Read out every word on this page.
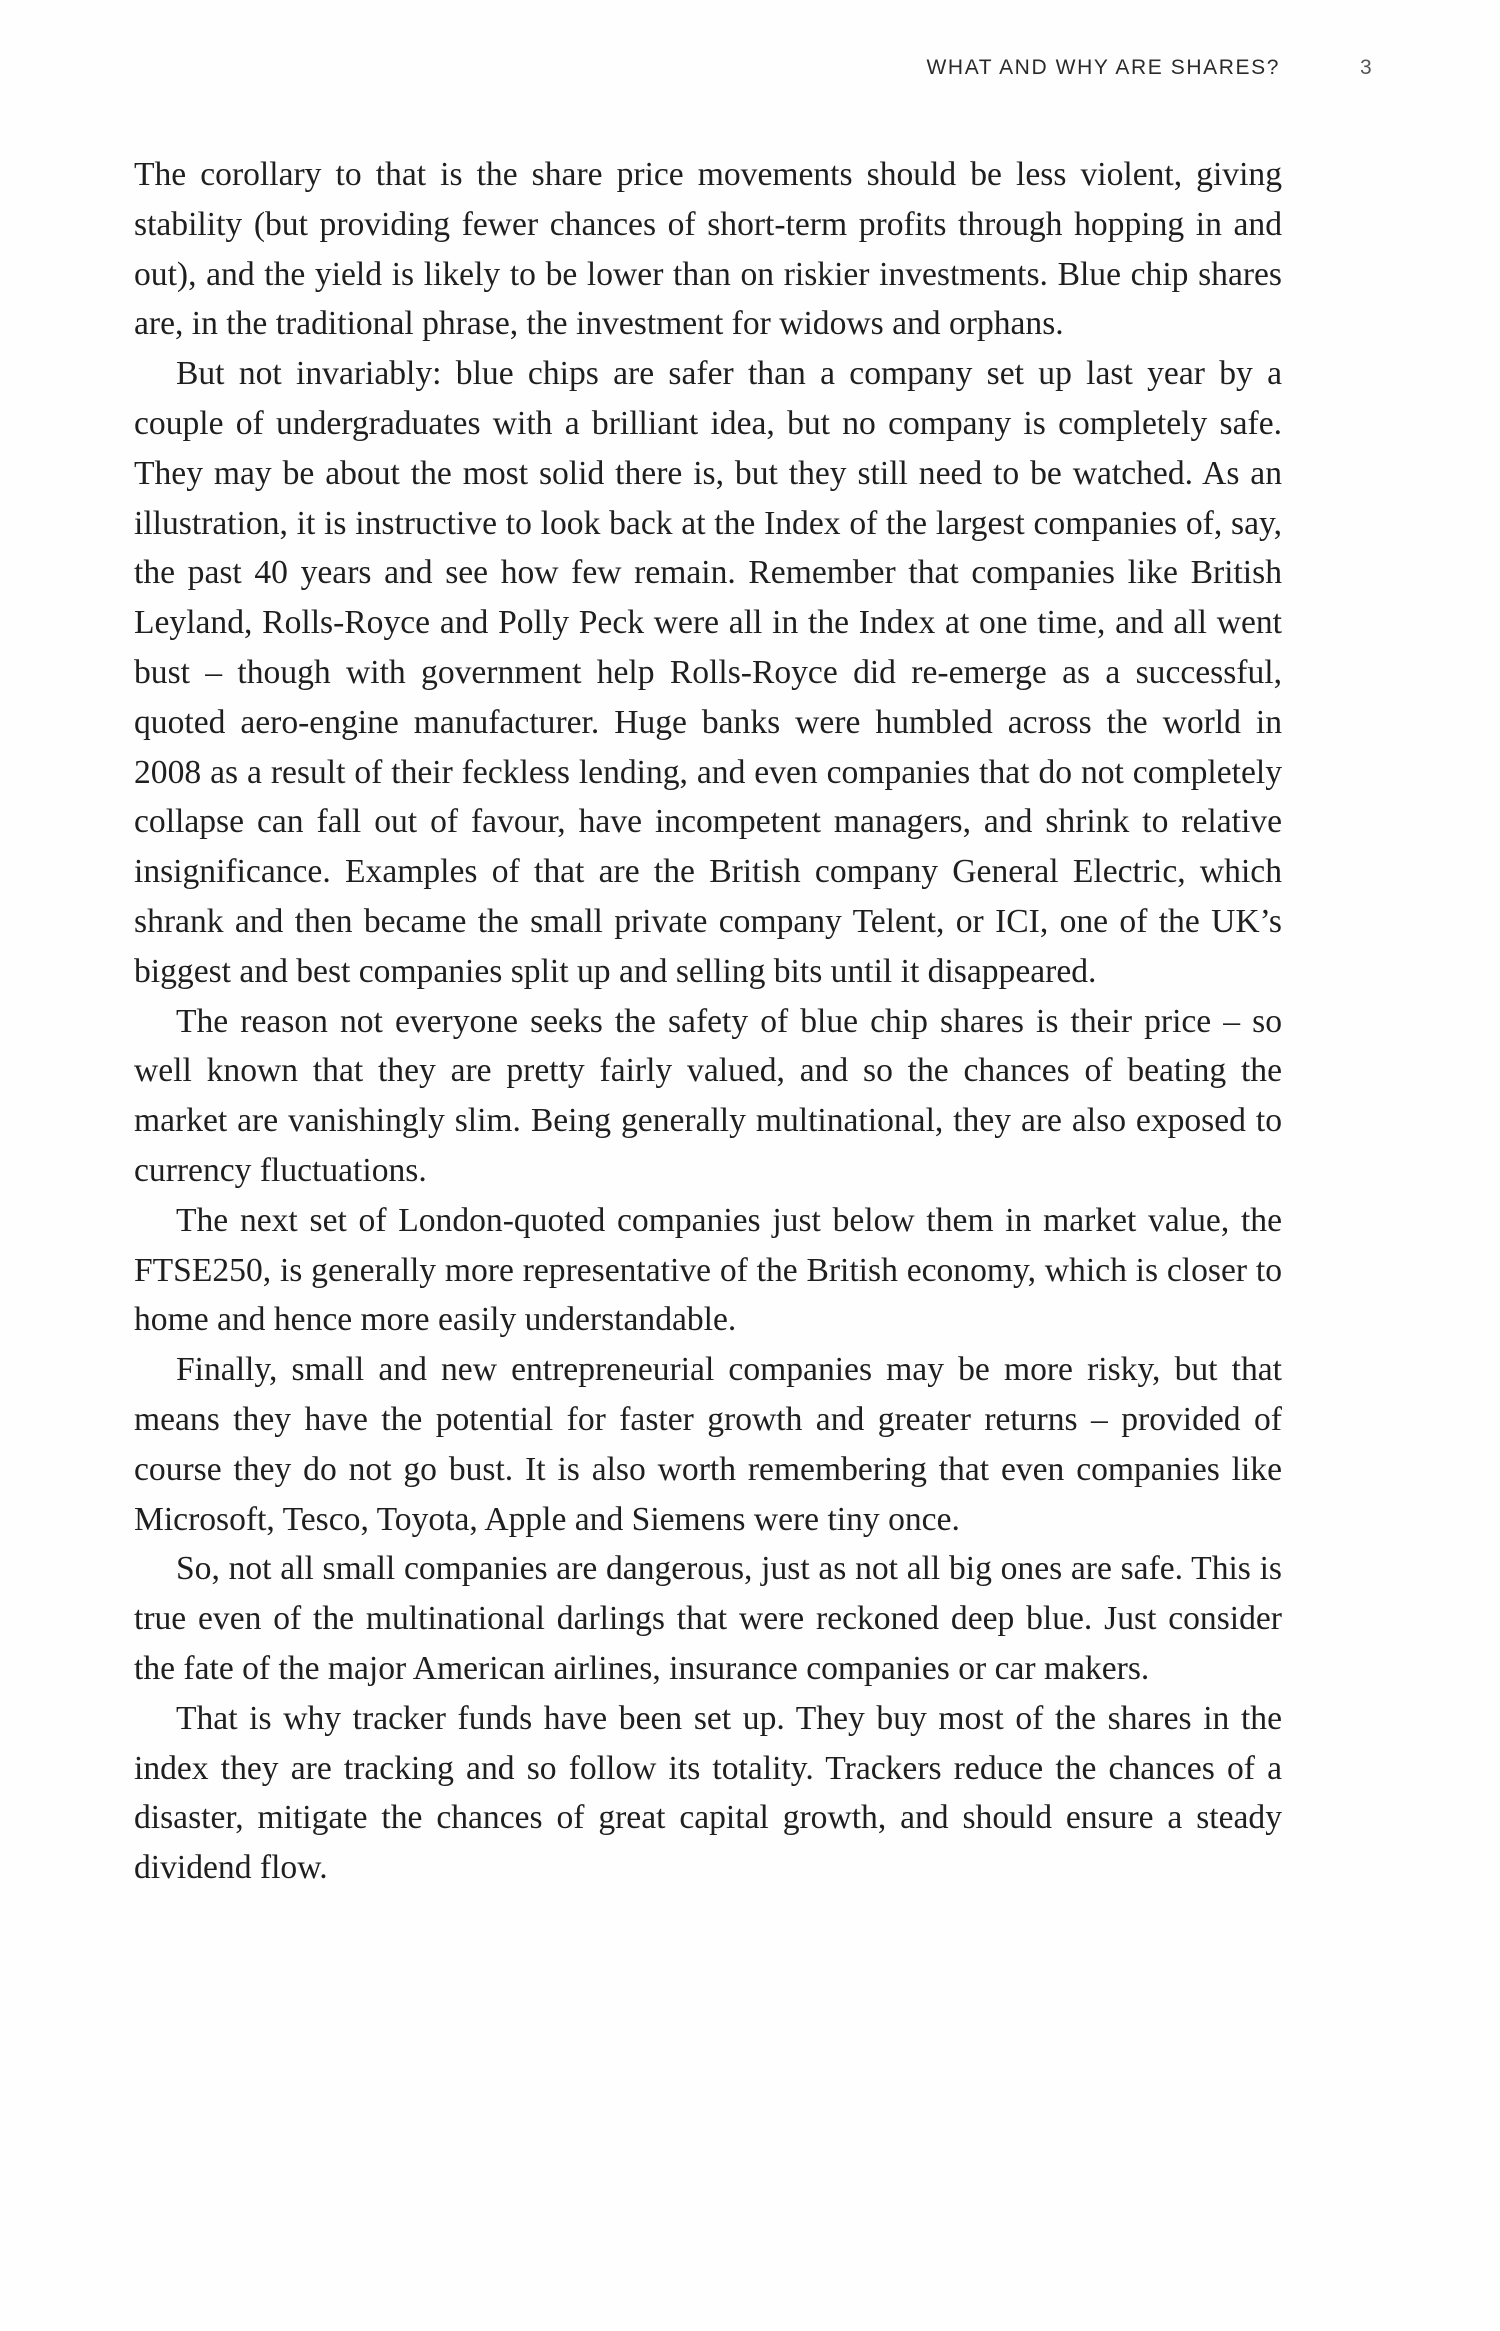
WHAT AND WHY ARE SHARES?	3

The corollary to that is the share price movements should be less violent, giving stability (but providing fewer chances of short-term profits through hopping in and out), and the yield is likely to be lower than on riskier investments. Blue chip shares are, in the traditional phrase, the investment for widows and orphans.

But not invariably: blue chips are safer than a company set up last year by a couple of undergraduates with a brilliant idea, but no company is completely safe. They may be about the most solid there is, but they still need to be watched. As an illustration, it is instructive to look back at the Index of the largest companies of, say, the past 40 years and see how few remain. Remember that companies like British Leyland, Rolls-Royce and Polly Peck were all in the Index at one time, and all went bust – though with government help Rolls-Royce did re-emerge as a successful, quoted aero-engine manufacturer. Huge banks were humbled across the world in 2008 as a result of their feckless lending, and even companies that do not completely collapse can fall out of favour, have incompetent managers, and shrink to relative insignificance. Examples of that are the British company General Electric, which shrank and then became the small private company Telent, or ICI, one of the UK’s biggest and best companies split up and selling bits until it disappeared.

The reason not everyone seeks the safety of blue chip shares is their price – so well known that they are pretty fairly valued, and so the chances of beating the market are vanishingly slim. Being generally multinational, they are also exposed to currency fluctuations.

The next set of London-quoted companies just below them in market value, the FTSE250, is generally more representative of the British economy, which is closer to home and hence more easily understandable.

Finally, small and new entrepreneurial companies may be more risky, but that means they have the potential for faster growth and greater returns – provided of course they do not go bust. It is also worth remembering that even companies like Microsoft, Tesco, Toyota, Apple and Siemens were tiny once.

So, not all small companies are dangerous, just as not all big ones are safe. This is true even of the multinational darlings that were reckoned deep blue. Just consider the fate of the major American airlines, insurance companies or car makers.

That is why tracker funds have been set up. They buy most of the shares in the index they are tracking and so follow its totality. Trackers reduce the chances of a disaster, mitigate the chances of great capital growth, and should ensure a steady dividend flow.
